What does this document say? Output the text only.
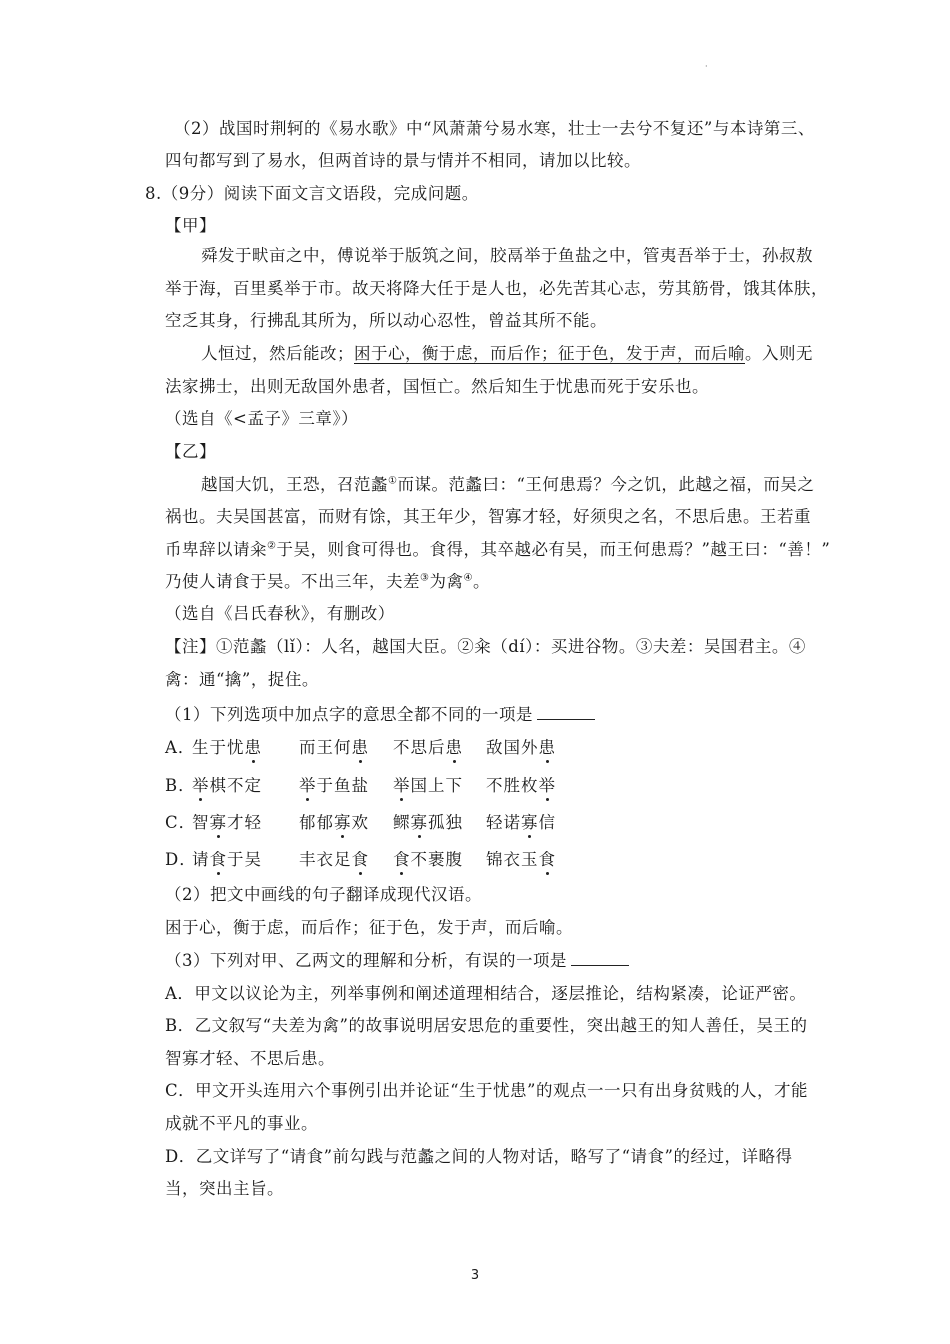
·
（2）战国时荆轲的《易水歌》中“风萧萧兮易水寒，壮士一去兮不复还”与本诗第三、
四句都写到了易水，但两首诗的景与情并不相同，请加以比较。
8.（9分）阅读下面文言文语段，完成问题。
【甲】
舜发于畎亩之中，傅说举于版筑之间，胶鬲举于鱼盐之中，管夷吾举于士，孙叔敖
举于海，百里奚举于市。故天将降大任于是人也，必先苦其心志，劳其筋骨，饿其体肤，
空乏其身，行拂乱其所为，所以动心忍性，曾益其所不能。
人恒过，然后能改；困于心，衡于虑，而后作；征于色，发于声，而后喻。入则无
法家拂士，出则无敌国外患者，国恒亡。然后知生于忧患而死于安乐也。
（选自《<孟子》三章》）
【乙】
越国大饥，王恐，召范蠡①而谋。范蠡曰：“王何患焉？今之饥，此越之福，而吴之
祸也。夫吴国甚富，而财有馀，其王年少，智寡才轻，好须臾之名，不思后患。王若重
币卑辞以请籴②于吴，则食可得也。食得，其卒越必有吴，而王何患焉？”越王曰：“善！”
乃使人请食于吴。不出三年，夫差③为禽④。
（选自《吕氏春秋》，有删改）
【注】①范蠡（lǐ）：人名，越国大臣。②籴（dí）：买进谷物。③夫差：吴国君主。④
禽：通“擒”，捉住。
（1）下列选项中加点字的意思全都不同的一项是
A．
生于忧患 而王何患 不思后患 敌国外患
B．
举棋不定 举于鱼盐 举国上下 不胜枚举
C．
智寡才轻 郁郁寡欢 鳏寡孤独 轻诺寡信
D．
请食于吴 丰衣足食 食不裹腹 锦衣玉食
（2）把文中画线的句子翻译成现代汉语。
困于心，衡于虑，而后作；征于色，发于声，而后喻。
（3）下列对甲、乙两文的理解和分析，有误的一项是
A．甲文以议论为主，列举事例和阐述道理相结合，逐层推论，结构紧凑，论证严密。
B．乙文叙写“夫差为禽”的故事说明居安思危的重要性，突出越王的知人善任，吴王的
智寡才轻、不思后患。
C．甲文开头连用六个事例引出并论证“生于忧患”的观点一一只有出身贫贱的人，才能
成就不平凡的事业。
D．乙文详写了“请食”前勾践与范蠡之间的人物对话，略写了“请食”的经过，详略得
当，突出主旨。
3
